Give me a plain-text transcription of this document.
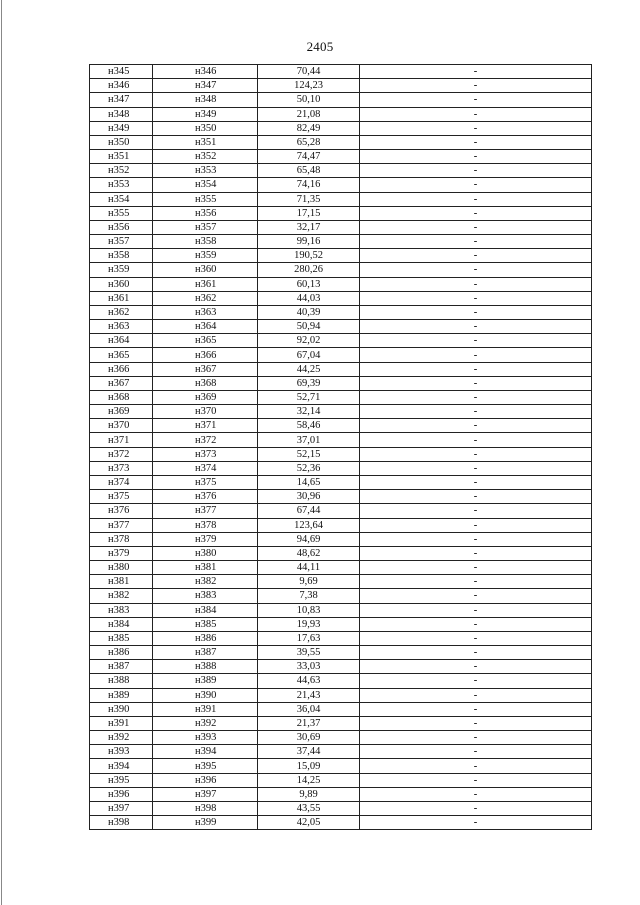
2405
н345	н346	70,44	-
н346	н347	124,23	-
н347	н348	50,10	-
н348	н349	21,08	-
н349	н350	82,49	-
н350	н351	65,28	-
н351	н352	74,47	-
н352	н353	65,48	-
н353	н354	74,16	-
н354	н355	71,35	-
н355	н356	17,15	-
н356	н357	32,17	-
н357	н358	99,16	-
н358	н359	190,52	-
н359	н360	280,26	-
н360	н361	60,13	-
н361	н362	44,03	-
н362	н363	40,39	-
н363	н364	50,94	-
н364	н365	92,02	-
н365	н366	67,04	-
н366	н367	44,25	-
н367	н368	69,39	-
н368	н369	52,71	-
н369	н370	32,14	-
н370	н371	58,46	-
н371	н372	37,01	-
н372	н373	52,15	-
н373	н374	52,36	-
н374	н375	14,65	-
н375	н376	30,96	-
н376	н377	67,44	-
н377	н378	123,64	-
н378	н379	94,69	-
н379	н380	48,62	-
н380	н381	44,11	-
н381	н382	9,69	-
н382	н383	7,38	-
н383	н384	10,83	-
н384	н385	19,93	-
н385	н386	17,63	-
н386	н387	39,55	-
н387	н388	33,03	-
н388	н389	44,63	-
н389	н390	21,43	-
н390	н391	36,04	-
н391	н392	21,37	-
н392	н393	30,69	-
н393	н394	37,44	-
н394	н395	15,09	-
н395	н396	14,25	-
н396	н397	9,89	-
н397	н398	43,55	-
н398	н399	42,05	-
